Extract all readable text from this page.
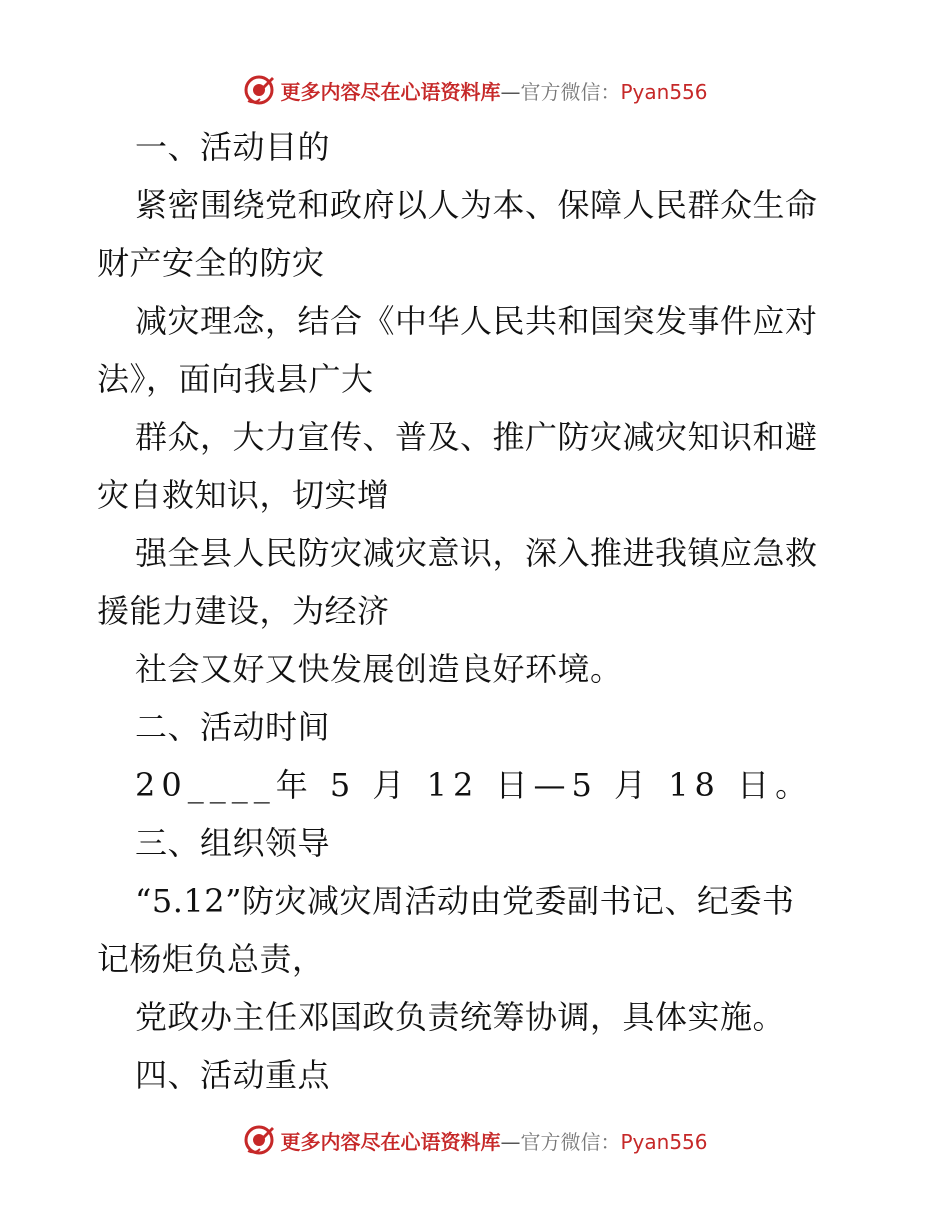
更多内容尽在心语资料库—官方微信：Pyan556
一、活动目的
紧密围绕党和政府以人为本、保障人民群众生命
财产安全的防灾
减灾理念，结合《中华人民共和国突发事件应对
法》，面向我县广大
群众，大力宣传、普及、推广防灾减灾知识和避
灾自救知识，切实增
强全县人民防灾减灾意识，深入推进我镇应急救
援能力建设，为经济
社会又好又快发展创造良好环境。
二、活动时间
20____年 5 月 12 日—5 月 18 日。
三、组织领导
“5.12”防灾减灾周活动由党委副书记、纪委书
记杨炬负总责，
党政办主任邓国政负责统筹协调，具体实施。
四、活动重点
更多内容尽在心语资料库—官方微信：Pyan556
